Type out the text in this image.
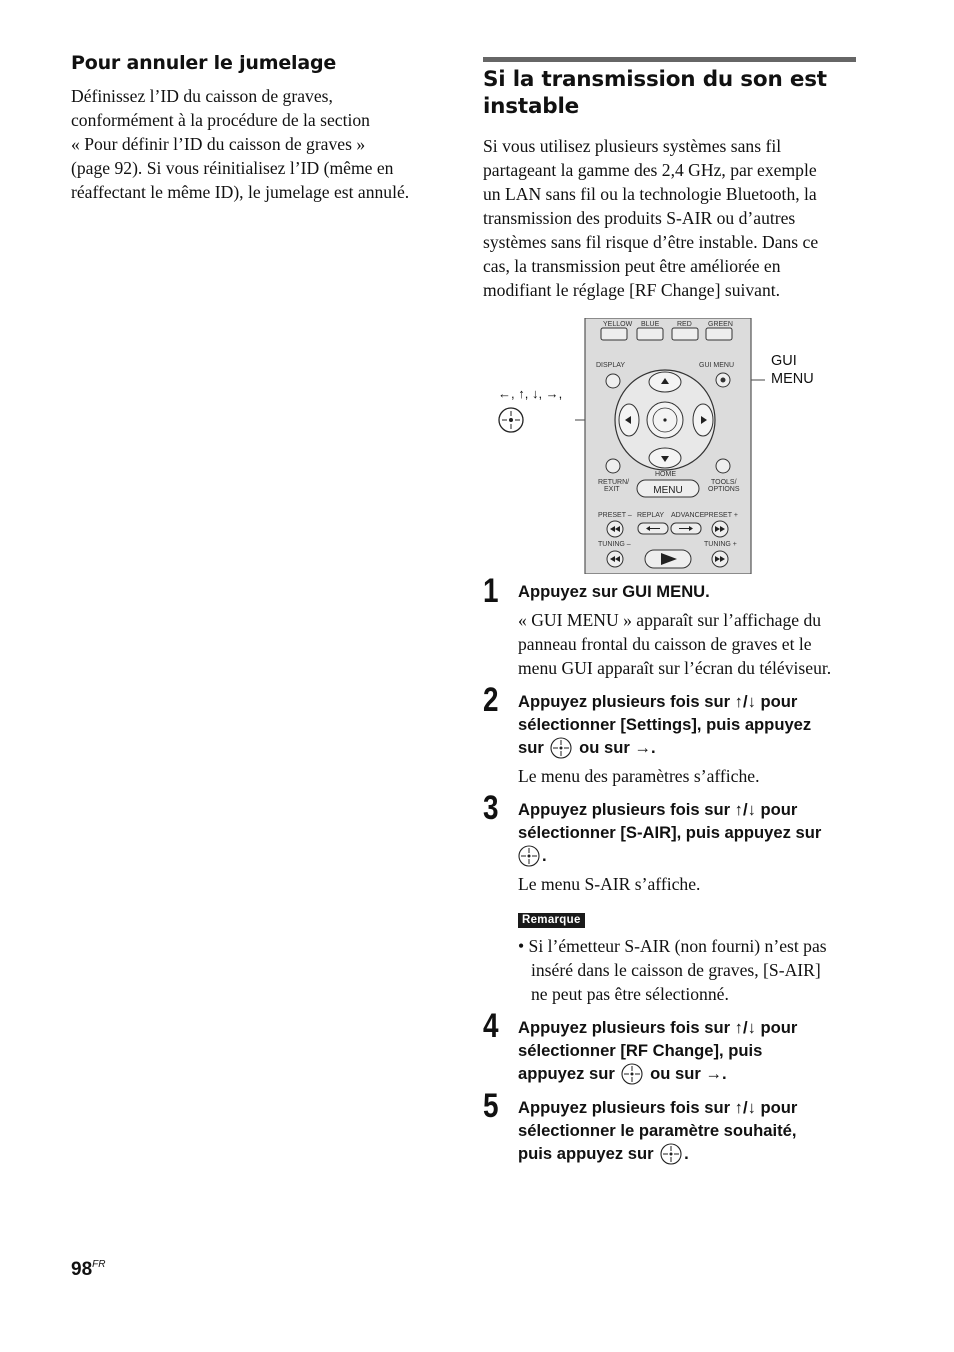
Pour annuler le jumelage
Définissez l’ID du caisson de graves,
conformément à la procédure de la section
« Pour définir l’ID du caisson de graves »
(page 92). Si vous réinitialisez l’ID (même en
réaffectant le même ID), le jumelage est annulé.
Si la transmission du son est
instable
Si vous utilisez plusieurs systèmes sans fil
partageant la gamme des 2,4 GHz, par exemple
un LAN sans fil ou la technologie Bluetooth, la
transmission des produits S-AIR ou d’autres
systèmes sans fil risque d’être instable. Dans ce
cas, la transmission peut être améliorée en
modifiant le réglage [RF Change] suivant.
←, ↑, ↓, →,
GUI
MENU
YELLOW BLUE	RED GREEN
DISPLAY	GUI MENU
RETURN/
EXIT
HOME
MENU
TOOLS/
OPTIONS
PRESET – REPLAY ADVANCE PRESET +
TUNING –	TUNING +
1 Appuyez sur GUI MENU.
« GUI MENU » apparaît sur l’affichage du
panneau frontal du caisson de graves et le
menu GUI apparaît sur l’écran du téléviseur.
2 Appuyez plusieurs fois sur ↑/↓ pour
sélectionner [Settings], puis appuyez
sur ou sur →.
Le menu des paramètres s’affiche.
3 Appuyez plusieurs fois sur ↑/↓ pour
sélectionner [S-AIR], puis appuyez sur
.
Le menu S-AIR s’affiche.
Remarque
• Si l’émetteur S-AIR (non fourni) n’est pas
inséré dans le caisson de graves, [S-AIR]
ne peut pas être sélectionné.
4 Appuyez plusieurs fois sur ↑/↓ pour
sélectionner [RF Change], puis
appuyez sur ou sur →.
5 Appuyez plusieurs fois sur ↑/↓ pour
sélectionner le paramètre souhaité,
puis appuyez sur .
$98^{FR}$
